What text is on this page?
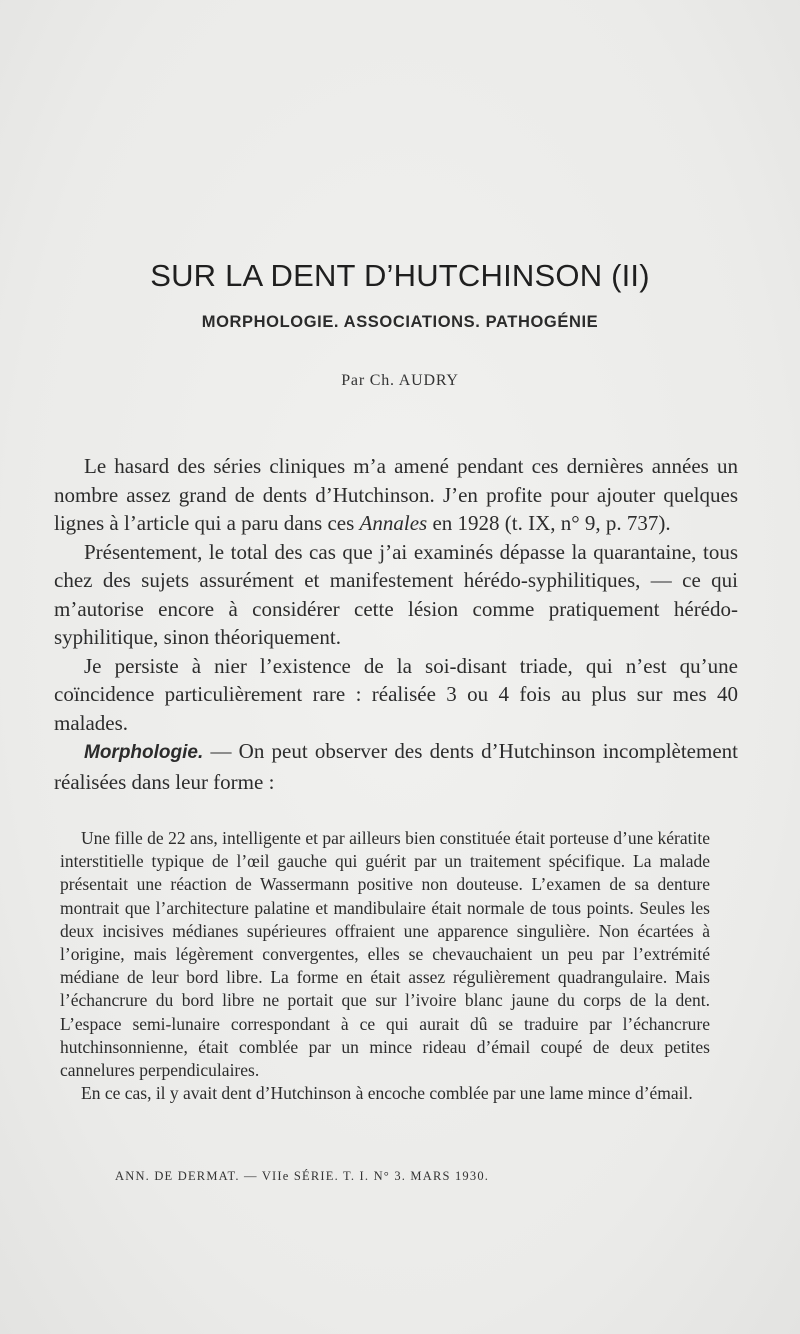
SUR LA DENT D’HUTCHINSON (II)
MORPHOLOGIE. ASSOCIATIONS. PATHOGÉNIE
Par Ch. AUDRY

Le hasard des séries cliniques m’a amené pendant ces dernières années un nombre assez grand de dents d’Hutchinson. J’en profite pour ajouter quelques lignes à l’article qui a paru dans ces Annales en 1928 (t. IX, n° 9, p. 737).

Présentement, le total des cas que j’ai examinés dépasse la quarantaine, tous chez des sujets assurément et manifestement hérédo-syphilitiques, — ce qui m’autorise encore à considérer cette lésion comme pratiquement hérédo-syphilitique, sinon théoriquement.

Je persiste à nier l’existence de la soi-disant triade, qui n’est qu’une coïncidence particulièrement rare : réalisée 3 ou 4 fois au plus sur mes 40 malades.

Morphologie. — On peut observer des dents d’Hutchinson incomplètement réalisées dans leur forme :

Une fille de 22 ans, intelligente et par ailleurs bien constituée était porteuse d’une kératite interstitielle typique de l’œil gauche qui guérit par un traitement spécifique. La malade présentait une réaction de Wassermann positive non douteuse. L’examen de sa denture montrait que l’architecture palatine et mandibulaire était normale de tous points. Seules les deux incisives médianes supérieures offraient une apparence singulière. Non écartées à l’origine, mais légèrement convergentes, elles se chevauchaient un peu par l’extrémité médiane de leur bord libre. La forme en était assez régulièrement quadrangulaire. Mais l’échancrure du bord libre ne portait que sur l’ivoire blanc jaune du corps de la dent. L’espace semi-lunaire correspondant à ce qui aurait dû se traduire par l’échancrure hutchinsonnienne, était comblée par un mince rideau d’émail coupé de deux petites cannelures perpendiculaires.

En ce cas, il y avait dent d’Hutchinson à encoche comblée par une lame mince d’émail.

ANN. DE DERMAT. — VIIe SÉRIE. T. I. N° 3. MARS 1930.
